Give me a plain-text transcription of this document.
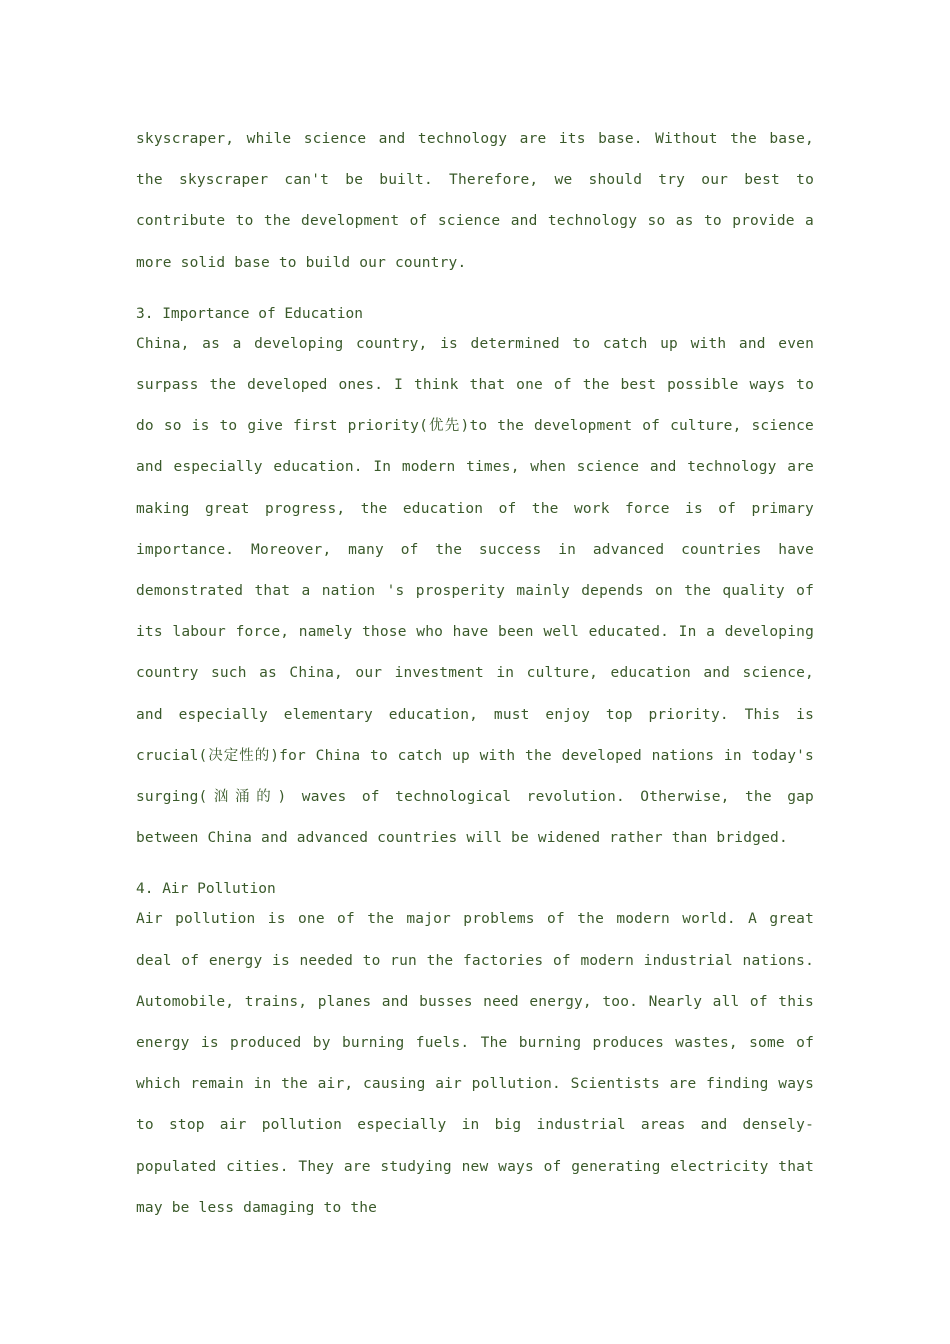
skyscraper, while science and technology are its base. Without the base, the skyscraper can't be built. Therefore, we should try our best to contribute to the development of science and technology so as to provide a more solid base to build our country.

3. Importance of Education

China, as a developing country, is determined to catch up with and even surpass the developed ones. I think that one of the best possible ways to do so is to give first priority(优先)to the development of culture, science and especially education. In modern times, when science and technology are making great progress, the education of the work force is of primary importance. Moreover, many of the success in advanced countries have demonstrated that a nation 's prosperity mainly depends on the quality of its labour force, namely those who have been well educated. In a developing country such as China, our investment in culture, education and science, and especially elementary education, must enjoy top priority. This is crucial(决定性的)for China to catch up with the developed nations in today's surging(汹涌的) waves of technological revolution. Otherwise, the gap between China and advanced countries will be widened rather than bridged.

4. Air Pollution

Air pollution is one of the major problems of the modern world. A great deal of energy is needed to run the factories of modern industrial nations. Automobile, trains, planes and busses need energy, too. Nearly all of this energy is produced by burning fuels. The burning produces wastes, some of which remain in the air, causing air pollution. Scientists are finding ways to stop air pollution especially in big industrial areas and densely-populated cities. They are studying new ways of generating electricity that may be less damaging to the
